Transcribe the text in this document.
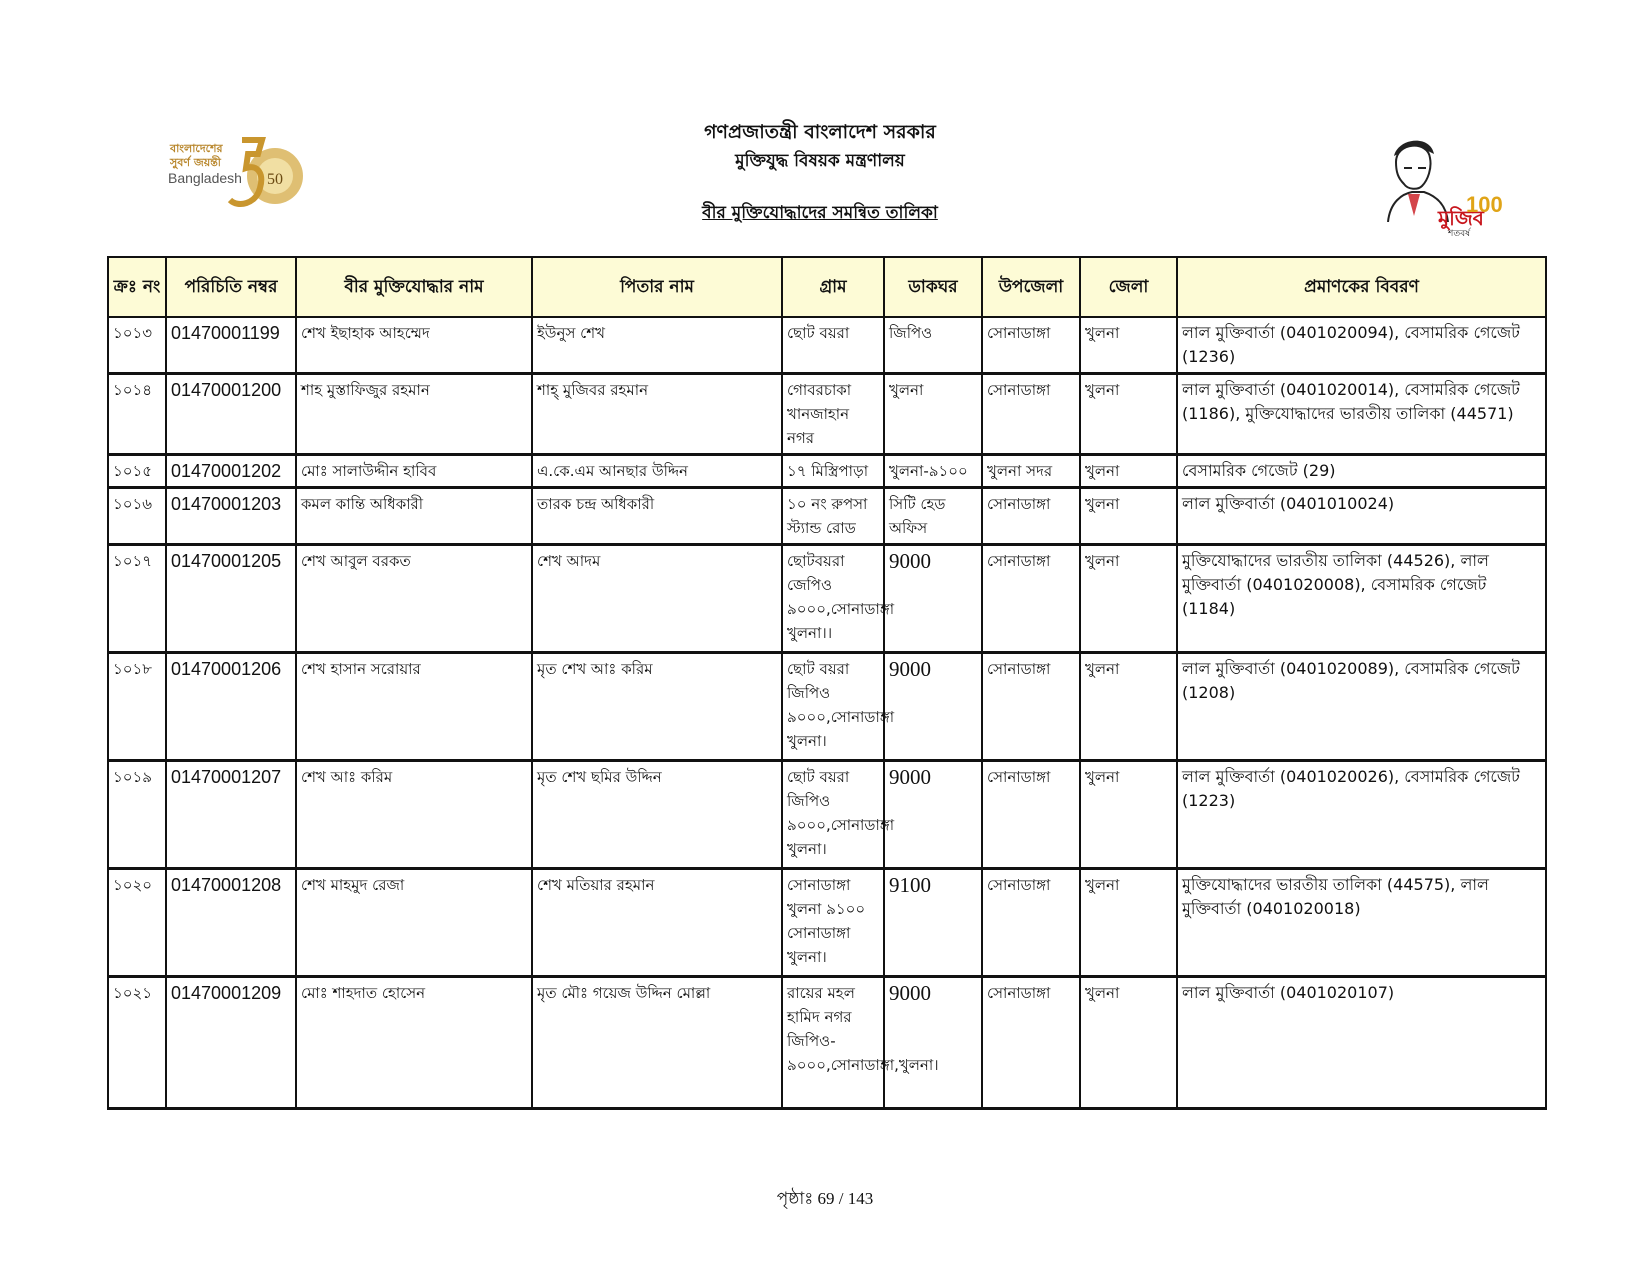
বাংলাদেশের
সুবর্ণ জয়ন্তী
Bangladesh 50
গণপ্রজাতন্ত্রী বাংলাদেশ সরকার
মুক্তিযুদ্ধ বিষয়ক মন্ত্রণালয়
বীর মুক্তিযোদ্ধাদের সমন্বিত তালিকা	মুজিব
100
শতবর্ষ
ক্রঃ নং	পরিচিতি নম্বর	বীর মুক্তিযোদ্ধার নাম	পিতার নাম	গ্রাম	ডাকঘর	উপজেলা	জেলা	প্রমাণকের বিবরণ
১০১৩	01470001199	শেখ ইছাহাক আহম্মেদ	ইউনুস শেখ	ছোট বয়রা	জিপিও	সোনাডাঙ্গা	খুলনা	লাল মুক্তিবার্তা (0401020094), বেসামরিক গেজেট (1236)
১০১৪	01470001200	শাহ মুস্তাফিজুর রহমান	শাহ্ মুজিবর রহমান	গোবরচাকা খানজাহান নগর	খুলনা	সোনাডাঙ্গা	খুলনা	লাল মুক্তিবার্তা (0401020014), বেসামরিক গেজেট (1186), মুক্তিযোদ্ধাদের ভারতীয় তালিকা (44571)
১০১৫	01470001202	মোঃ সালাউদ্দীন হাবিব	এ.কে.এম আনছার উদ্দিন	১৭ মিস্ত্রিপাড়া	খুলনা-৯১০০	খুলনা সদর	খুলনা	বেসামরিক গেজেট (29)
১০১৬	01470001203	কমল কান্তি অধিকারী	তারক চন্দ্র অধিকারী	১০ নং রুপসা স্ট্যান্ড রোড	সিটি হেড অফিস	সোনাডাঙ্গা	খুলনা	লাল মুক্তিবার্তা (0401010024)
১০১৭	01470001205	শেখ আবুল বরকত	শেখ আদম	ছোটবয়রা জেপিও ৯০০০,সোনাডাঙ্গা খুলনা।।	9000	সোনাডাঙ্গা	খুলনা	মুক্তিযোদ্ধাদের ভারতীয় তালিকা (44526), লাল মুক্তিবার্তা (0401020008), বেসামরিক গেজেট (1184)
১০১৮	01470001206	শেখ হাসান সরোয়ার	মৃত শেখ আঃ করিম	ছোট বয়রা জিপিও ৯০০০,সোনাডাঙ্গা খুলনা।	9000	সোনাডাঙ্গা	খুলনা	লাল মুক্তিবার্তা (0401020089), বেসামরিক গেজেট (1208)
১০১৯	01470001207	শেখ আঃ করিম	মৃত শেখ ছমির উদ্দিন	ছোট বয়রা জিপিও ৯০০০,সোনাডাঙ্গা খুলনা।	9000	সোনাডাঙ্গা	খুলনা	লাল মুক্তিবার্তা (0401020026), বেসামরিক গেজেট (1223)
১০২০	01470001208	শেখ মাহমুদ রেজা	শেখ মতিয়ার রহমান	সোনাডাঙ্গা খুলনা ৯১০০ সোনাডাঙ্গা খুলনা।	9100	সোনাডাঙ্গা	খুলনা	মুক্তিযোদ্ধাদের ভারতীয় তালিকা (44575), লাল মুক্তিবার্তা (0401020018)
১০২১	01470001209	মোঃ শাহদাত হোসেন	মৃত মৌঃ গয়েজ উদ্দিন মোল্লা	রায়ের মহল হামিদ নগর জিপিও- ৯০০০,সোনাডাঙ্গা,খুলনা।	9000	সোনাডাঙ্গা	খুলনা	লাল মুক্তিবার্তা (0401020107)
পৃষ্ঠাঃ 69 / 143
